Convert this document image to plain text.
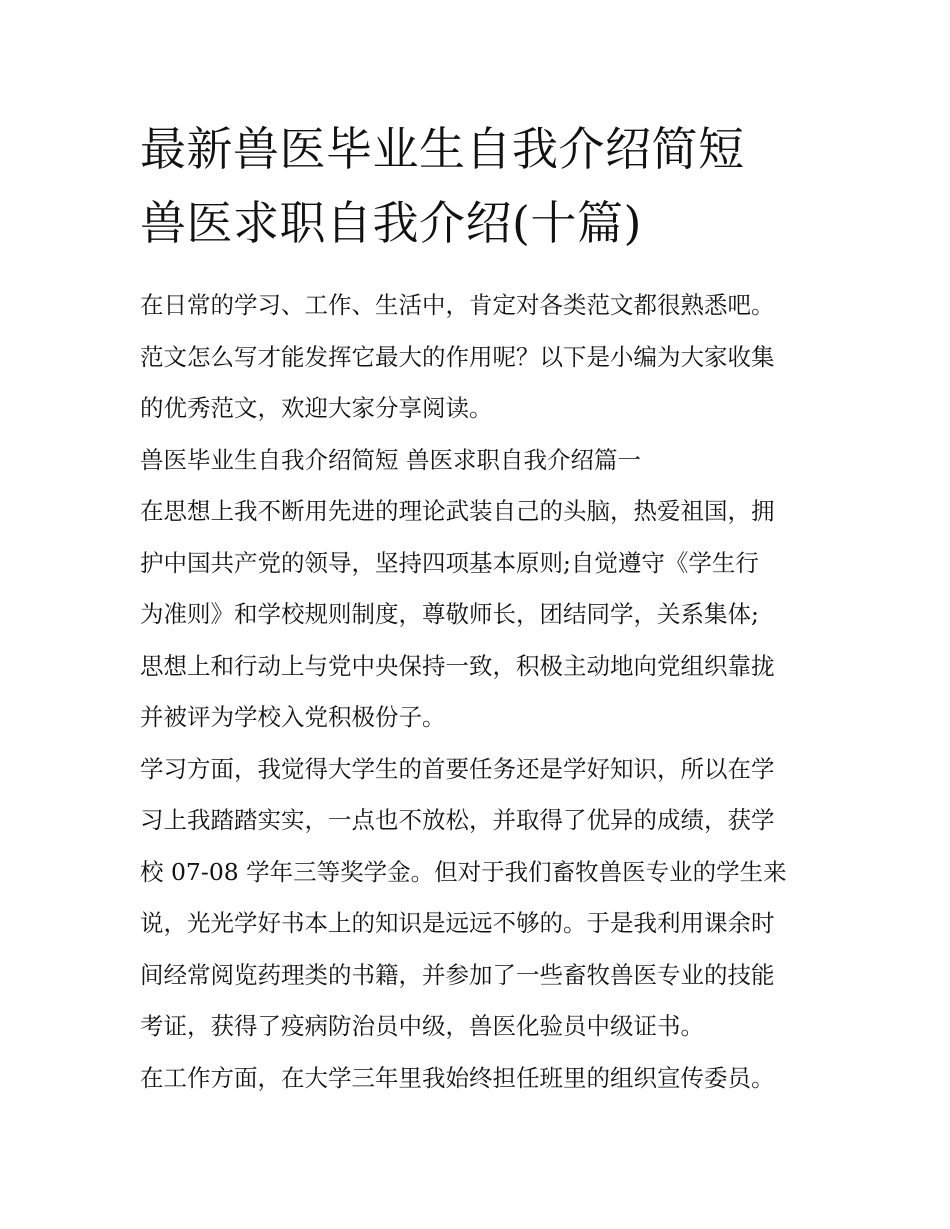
最新兽医毕业生自我介绍简短
兽医求职自我介绍(十篇)

在日常的学习、工作、生活中，肯定对各类范文都很熟悉吧。
范文怎么写才能发挥它最大的作用呢？以下是小编为大家收集
的优秀范文，欢迎大家分享阅读。

兽医毕业生自我介绍简短 兽医求职自我介绍篇一

在思想上我不断用先进的理论武装自己的头脑，热爱祖国，拥
护中国共产党的领导，坚持四项基本原则;自觉遵守《学生行
为准则》和学校规则制度，尊敬师长，团结同学，关系集体;
思想上和行动上与党中央保持一致，积极主动地向党组织靠拢
并被评为学校入党积极份子。

学习方面，我觉得大学生的首要任务还是学好知识，所以在学
习上我踏踏实实，一点也不放松，并取得了优异的成绩，获学
校 07-08 学年三等奖学金。但对于我们畜牧兽医专业的学生来
说，光光学好书本上的知识是远远不够的。于是我利用课余时
间经常阅览药理类的书籍，并参加了一些畜牧兽医专业的技能
考证，获得了疫病防治员中级，兽医化验员中级证书。

在工作方面，在大学三年里我始终担任班里的组织宣传委员。
